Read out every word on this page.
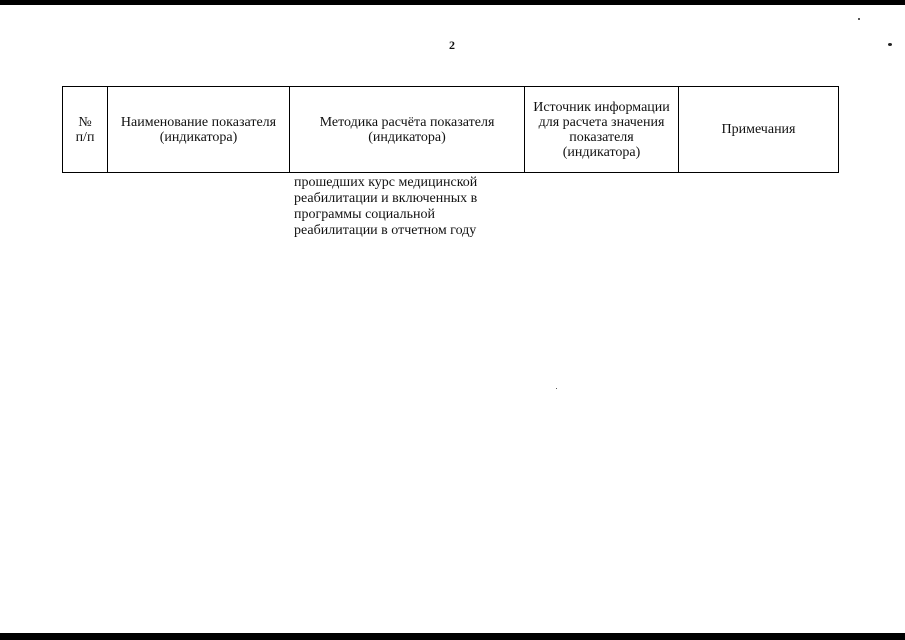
2
№
п/п	Наименование показателя (индикатора)	Методика расчёта показателя (индикатора)	Источник информации для расчета значения показателя (индикатора)	Примечания
прошедших курс медицинской
реабилитации и включенных в
программы социальной
реабилитации в отчетном году
